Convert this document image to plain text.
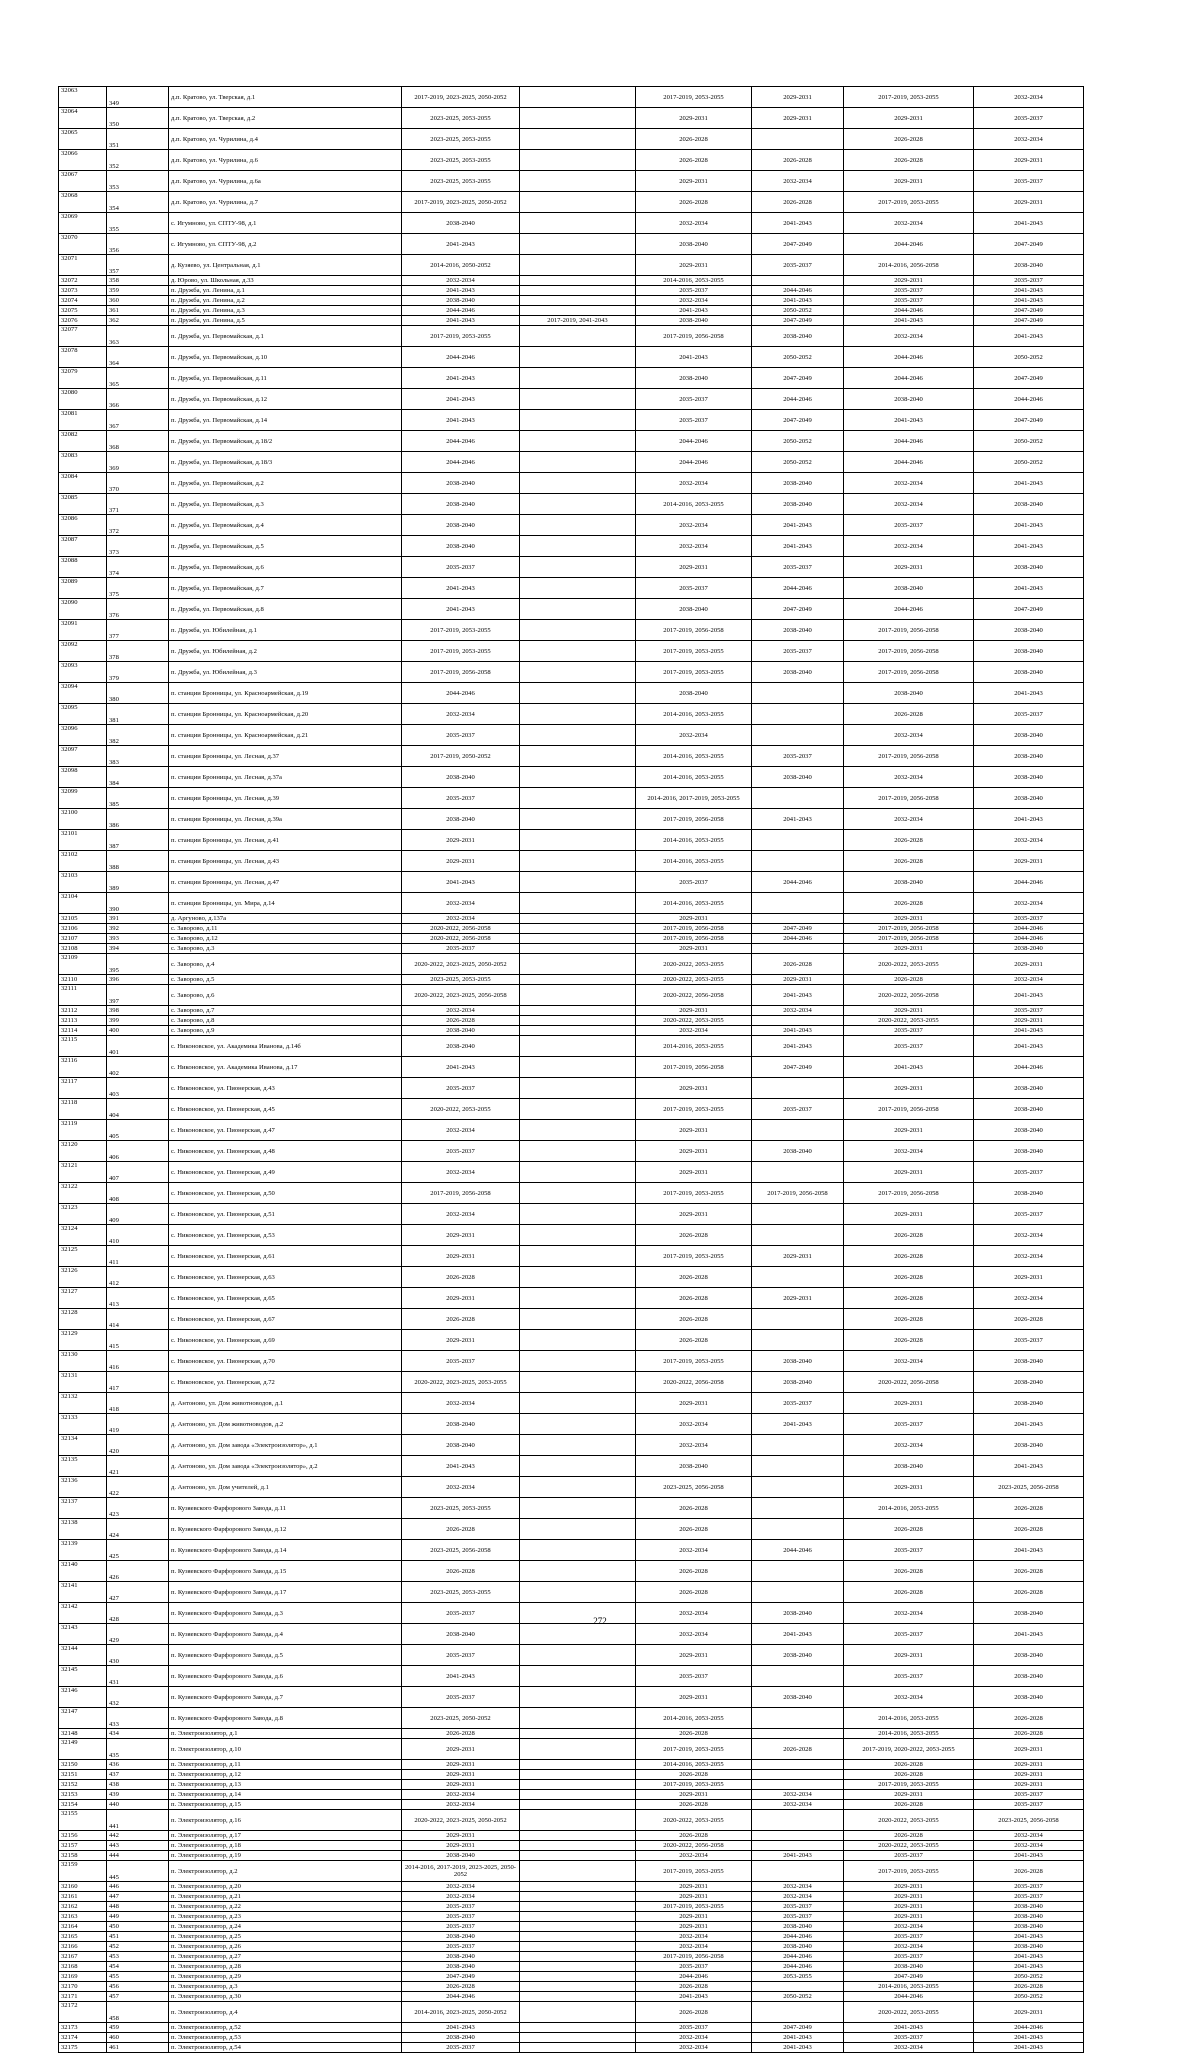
32063	349	д.п. Кратово, ул. Тверская, д.1	2017-2019, 2023-2025, 2050-2052		2017-2019, 2053-2055	2029-2031	2017-2019, 2053-2055	2032-2034
32064	350	д.п. Кратово, ул. Тверская, д.2	2023-2025, 2053-2055		2029-2031	2029-2031	2029-2031	2035-2037
32065	351	д.п. Кратово, ул. Чурилина, д.4	2023-2025, 2053-2055		2026-2028		2026-2028	2032-2034
32066	352	д.п. Кратово, ул. Чурилина, д.6	2023-2025, 2053-2055		2026-2028	2026-2028	2026-2028	2029-2031
32067	353	д.п. Кратово, ул. Чурилина, д.6а	2023-2025, 2053-2055		2029-2031	2032-2034	2029-2031	2035-2037
32068	354	д.п. Кратово, ул. Чурилина, д.7	2017-2019, 2023-2025, 2050-2052		2026-2028	2026-2028	2017-2019, 2053-2055	2029-2031
32069	355	с. Игумново, ул. СПТУ-98, д.1	2038-2040		2032-2034	2041-2043	2032-2034	2041-2043
32070	356	с. Игумново, ул. СПТУ-98, д.2	2041-2043		2038-2040	2047-2049	2044-2046	2047-2049
32071	357	д. Кузяево, ул. Центральная, д.1	2014-2016, 2050-2052		2029-2031	2035-2037	2014-2016, 2056-2058	2038-2040
32072	358	д. Юрово, ул. Школьная, д.33	2032-2034		2014-2016, 2053-2055		2029-2031	2035-2037
32073	359	п. Дружба, ул. Ленина, д.1	2041-2043		2035-2037	2044-2046	2035-2037	2041-2043
32074	360	п. Дружба, ул. Ленина, д.2	2038-2040		2032-2034	2041-2043	2035-2037	2041-2043
32075	361	п. Дружба, ул. Ленина, д.3	2044-2046		2041-2043	2050-2052	2044-2046	2047-2049
32076	362	п. Дружба, ул. Ленина, д.5	2041-2043	2017-2019, 2041-2043	2038-2040	2047-2049	2041-2043	2047-2049
32077	363	п. Дружба, ул. Первомайская, д.1	2017-2019, 2053-2055		2017-2019, 2056-2058	2038-2040	2032-2034	2041-2043
32078	364	п. Дружба, ул. Первомайская, д.10	2044-2046		2041-2043	2050-2052	2044-2046	2050-2052
32079	365	п. Дружба, ул. Первомайская, д.11	2041-2043		2038-2040	2047-2049	2044-2046	2047-2049
32080	366	п. Дружба, ул. Первомайская, д.12	2041-2043		2035-2037	2044-2046	2038-2040	2044-2046
32081	367	п. Дружба, ул. Первомайская, д.14	2041-2043		2035-2037	2047-2049	2041-2043	2047-2049
32082	368	п. Дружба, ул. Первомайская, д.18/2	2044-2046		2044-2046	2050-2052	2044-2046	2050-2052
32083	369	п. Дружба, ул. Первомайская, д.18/3	2044-2046		2044-2046	2050-2052	2044-2046	2050-2052
32084	370	п. Дружба, ул. Первомайская, д.2	2038-2040		2032-2034	2038-2040	2032-2034	2041-2043
32085	371	п. Дружба, ул. Первомайская, д.3	2038-2040		2014-2016, 2053-2055	2038-2040	2032-2034	2038-2040
32086	372	п. Дружба, ул. Первомайская, д.4	2038-2040		2032-2034	2041-2043	2035-2037	2041-2043
32087	373	п. Дружба, ул. Первомайская, д.5	2038-2040		2032-2034	2041-2043	2032-2034	2041-2043
32088	374	п. Дружба, ул. Первомайская, д.6	2035-2037		2029-2031	2035-2037	2029-2031	2038-2040
32089	375	п. Дружба, ул. Первомайская, д.7	2041-2043		2035-2037	2044-2046	2038-2040	2041-2043
32090	376	п. Дружба, ул. Первомайская, д.8	2041-2043		2038-2040	2047-2049	2044-2046	2047-2049
32091	377	п. Дружба, ул. Юбилейная, д.1	2017-2019, 2053-2055		2017-2019, 2056-2058	2038-2040	2017-2019, 2056-2058	2038-2040
32092	378	п. Дружба, ул. Юбилейная, д.2	2017-2019, 2053-2055		2017-2019, 2053-2055	2035-2037	2017-2019, 2056-2058	2038-2040
32093	379	п. Дружба, ул. Юбилейная, д.3	2017-2019, 2056-2058		2017-2019, 2053-2055	2038-2040	2017-2019, 2056-2058	2038-2040
32094	380	п. станции Бронницы, ул. Красноармейская, д.19	2044-2046		2038-2040		2038-2040	2041-2043
32095	381	п. станции Бронницы, ул. Красноармейская, д.20	2032-2034		2014-2016, 2053-2055		2026-2028	2035-2037
32096	382	п. станции Бронницы, ул. Красноармейская, д.21	2035-2037		2032-2034		2032-2034	2038-2040
32097	383	п. станции Бронницы, ул. Лесная, д.37	2017-2019, 2050-2052		2014-2016, 2053-2055	2035-2037	2017-2019, 2056-2058	2038-2040
32098	384	п. станции Бронницы, ул. Лесная, д.37а	2038-2040		2014-2016, 2053-2055	2038-2040	2032-2034	2038-2040
32099	385	п. станции Бронницы, ул. Лесная, д.39	2035-2037		2014-2016, 2017-2019, 2053-2055		2017-2019, 2056-2058	2038-2040
32100	386	п. станции Бронницы, ул. Лесная, д.39а	2038-2040		2017-2019, 2056-2058	2041-2043	2032-2034	2041-2043
32101	387	п. станции Бронницы, ул. Лесная, д.41	2029-2031		2014-2016, 2053-2055		2026-2028	2032-2034
32102	388	п. станции Бронницы, ул. Лесная, д.43	2029-2031		2014-2016, 2053-2055		2026-2028	2029-2031
32103	389	п. станции Бронницы, ул. Лесная, д.47	2041-2043		2035-2037	2044-2046	2038-2040	2044-2046
32104	390	п. станции Бронницы, ул. Мира, д.14	2032-2034		2014-2016, 2053-2055		2026-2028	2032-2034
32105	391	д. Аргуново, д.137а	2032-2034		2029-2031		2029-2031	2035-2037
32106	392	с. Заворово, д.11	2020-2022, 2056-2058		2017-2019, 2056-2058	2047-2049	2017-2019, 2056-2058	2044-2046
32107	393	с. Заворово, д.12	2020-2022, 2056-2058		2017-2019, 2056-2058	2044-2046	2017-2019, 2056-2058	2044-2046
32108	394	с. Заворово, д.3	2035-2037		2029-2031		2029-2031	2038-2040
32109	395	с. Заворово, д.4	2020-2022, 2023-2025, 2050-2052		2020-2022, 2053-2055	2026-2028	2020-2022, 2053-2055	2029-2031
32110	396	с. Заворово, д.5	2023-2025, 2053-2055		2020-2022, 2053-2055	2029-2031	2026-2028	2032-2034
32111	397	с. Заворово, д.6	2020-2022, 2023-2025, 2056-2058		2020-2022, 2056-2058	2041-2043	2020-2022, 2056-2058	2041-2043
32112	398	с. Заворово, д.7	2032-2034		2029-2031	2032-2034	2029-2031	2035-2037
32113	399	с. Заворово, д.8	2026-2028		2020-2022, 2053-2055		2020-2022, 2053-2055	2029-2031
32114	400	с. Заворово, д.9	2038-2040		2032-2034	2041-2043	2035-2037	2041-2043
32115	401	с. Никоновское, ул. Академика Иванова, д.14б	2038-2040		2014-2016, 2053-2055	2041-2043	2035-2037	2041-2043
32116	402	с. Никоновское, ул. Академика Иванова, д.17	2041-2043		2017-2019, 2056-2058	2047-2049	2041-2043	2044-2046
32117	403	с. Никоновское, ул. Пионерская, д.43	2035-2037		2029-2031		2029-2031	2038-2040
32118	404	с. Никоновское, ул. Пионерская, д.45	2020-2022, 2053-2055		2017-2019, 2053-2055	2035-2037	2017-2019, 2056-2058	2038-2040
32119	405	с. Никоновское, ул. Пионерская, д.47	2032-2034		2029-2031		2029-2031	2038-2040
32120	406	с. Никоновское, ул. Пионерская, д.48	2035-2037		2029-2031	2038-2040	2032-2034	2038-2040
32121	407	с. Никоновское, ул. Пионерская, д.49	2032-2034		2029-2031		2029-2031	2035-2037
32122	408	с. Никоновское, ул. Пионерская, д.50	2017-2019, 2056-2058		2017-2019, 2053-2055	2017-2019, 2056-2058	2017-2019, 2056-2058	2038-2040
32123	409	с. Никоновское, ул. Пионерская, д.51	2032-2034		2029-2031		2029-2031	2035-2037
32124	410	с. Никоновское, ул. Пионерская, д.53	2029-2031		2026-2028		2026-2028	2032-2034
32125	411	с. Никоновское, ул. Пионерская, д.61	2029-2031		2017-2019, 2053-2055	2029-2031	2026-2028	2032-2034
32126	412	с. Никоновское, ул. Пионерская, д.63	2026-2028		2026-2028		2026-2028	2029-2031
32127	413	с. Никоновское, ул. Пионерская, д.65	2029-2031		2026-2028	2029-2031	2026-2028	2032-2034
32128	414	с. Никоновское, ул. Пионерская, д.67	2026-2028		2026-2028		2026-2028	2026-2028
32129	415	с. Никоновское, ул. Пионерская, д.69	2029-2031		2026-2028		2026-2028	2035-2037
32130	416	с. Никоновское, ул. Пионерская, д.70	2035-2037		2017-2019, 2053-2055	2038-2040	2032-2034	2038-2040
32131	417	с. Никоновское, ул. Пионерская, д.72	2020-2022, 2023-2025, 2053-2055		2020-2022, 2056-2058	2038-2040	2020-2022, 2056-2058	2038-2040
32132	418	д. Антоново, ул. Дом животноводов, д.1	2032-2034		2029-2031	2035-2037	2029-2031	2038-2040
32133	419	д. Антоново, ул. Дом животноводов, д.2	2038-2040		2032-2034	2041-2043	2035-2037	2041-2043
32134	420	д. Антоново, ул. Дом завода «Электроизолятор», д.1	2038-2040		2032-2034		2032-2034	2038-2040
32135	421	д. Антоново, ул. Дом завода «Электроизолятор», д.2	2041-2043		2038-2040		2038-2040	2041-2043
32136	422	д. Антоново, ул. Дом учителей, д.1	2032-2034		2023-2025, 2056-2058		2029-2031	2023-2025, 2056-2058
32137	423	п. Кузяевского Фарфорового Завода, д.11	2023-2025, 2053-2055		2026-2028		2014-2016, 2053-2055	2026-2028
32138	424	п. Кузяевского Фарфорового Завода, д.12	2026-2028		2026-2028		2026-2028	2026-2028
32139	425	п. Кузяевского Фарфорового Завода, д.14	2023-2025, 2056-2058		2032-2034	2044-2046	2035-2037	2041-2043
32140	426	п. Кузяевского Фарфорового Завода, д.15	2026-2028		2026-2028		2026-2028	2026-2028
32141	427	п. Кузяевского Фарфорового Завода, д.17	2023-2025, 2053-2055		2026-2028		2026-2028	2026-2028
32142	428	п. Кузяевского Фарфорового Завода, д.3	2035-2037		2032-2034	2038-2040	2032-2034	2038-2040
32143	429	п. Кузяевского Фарфорового Завода, д.4	2038-2040		2032-2034	2041-2043	2035-2037	2041-2043
32144	430	п. Кузяевского Фарфорового Завода, д.5	2035-2037		2029-2031	2038-2040	2029-2031	2038-2040
32145	431	п. Кузяевского Фарфорового Завода, д.6	2041-2043		2035-2037		2035-2037	2038-2040
32146	432	п. Кузяевского Фарфорового Завода, д.7	2035-2037		2029-2031	2038-2040	2032-2034	2038-2040
32147	433	п. Кузяевского Фарфорового Завода, д.8	2023-2025, 2050-2052		2014-2016, 2053-2055		2014-2016, 2053-2055	2026-2028
32148	434	п. Электроизолятор, д.1	2026-2028		2026-2028		2014-2016, 2053-2055	2026-2028
32149	435	п. Электроизолятор, д.10	2029-2031		2017-2019, 2053-2055	2026-2028	2017-2019, 2020-2022, 2053-2055	2029-2031
32150	436	п. Электроизолятор, д.11	2029-2031		2014-2016, 2053-2055		2026-2028	2029-2031
32151	437	п. Электроизолятор, д.12	2029-2031		2026-2028		2026-2028	2029-2031
32152	438	п. Электроизолятор, д.13	2029-2031		2017-2019, 2053-2055		2017-2019, 2053-2055	2029-2031
32153	439	п. Электроизолятор, д.14	2032-2034		2029-2031	2032-2034	2029-2031	2035-2037
32154	440	п. Электроизолятор, д.15	2032-2034		2026-2028	2032-2034	2026-2028	2035-2037
32155	441	п. Электроизолятор, д.16	2020-2022, 2023-2025, 2050-2052		2020-2022, 2053-2055		2020-2022, 2053-2055	2023-2025, 2056-2058
32156	442	п. Электроизолятор, д.17	2029-2031		2026-2028		2026-2028	2032-2034
32157	443	п. Электроизолятор, д.18	2029-2031		2020-2022, 2056-2058		2020-2022, 2053-2055	2032-2034
32158	444	п. Электроизолятор, д.19	2038-2040		2032-2034	2041-2043	2035-2037	2041-2043
32159	445	п. Электроизолятор, д.2	2014-2016, 2017-2019, 2023-2025, 2050-2052		2017-2019, 2053-2055		2017-2019, 2053-2055	2026-2028
32160	446	п. Электроизолятор, д.20	2032-2034		2029-2031	2032-2034	2029-2031	2035-2037
32161	447	п. Электроизолятор, д.21	2032-2034		2029-2031	2032-2034	2029-2031	2035-2037
32162	448	п. Электроизолятор, д.22	2035-2037		2017-2019, 2053-2055	2035-2037	2029-2031	2038-2040
32163	449	п. Электроизолятор, д.23	2035-2037		2029-2031	2035-2037	2029-2031	2038-2040
32164	450	п. Электроизолятор, д.24	2035-2037		2029-2031	2038-2040	2032-2034	2038-2040
32165	451	п. Электроизолятор, д.25	2038-2040		2032-2034	2044-2046	2035-2037	2041-2043
32166	452	п. Электроизолятор, д.26	2035-2037		2032-2034	2038-2040	2032-2034	2038-2040
32167	453	п. Электроизолятор, д.27	2038-2040		2017-2019, 2056-2058	2044-2046	2035-2037	2041-2043
32168	454	п. Электроизолятор, д.28	2038-2040		2035-2037	2044-2046	2038-2040	2041-2043
32169	455	п. Электроизолятор, д.29	2047-2049		2044-2046	2053-2055	2047-2049	2050-2052
32170	456	п. Электроизолятор, д.3	2026-2028		2026-2028		2014-2016, 2053-2055	2026-2028
32171	457	п. Электроизолятор, д.30	2044-2046		2041-2043	2050-2052	2044-2046	2050-2052
32172	458	п. Электроизолятор, д.4	2014-2016, 2023-2025, 2050-2052		2026-2028		2020-2022, 2053-2055	2029-2031
32173	459	п. Электроизолятор, д.52	2041-2043		2035-2037	2047-2049	2041-2043	2044-2046
32174	460	п. Электроизолятор, д.53	2038-2040		2032-2034	2041-2043	2035-2037	2041-2043
32175	461	п. Электроизолятор, д.54	2035-2037		2032-2034	2041-2043	2032-2034	2041-2043
272
